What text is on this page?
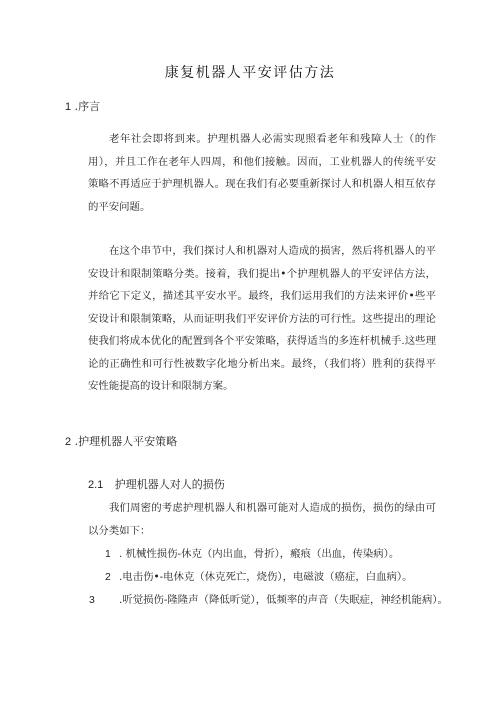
康复机器人平安评估方法
1 .序言

老年社会即将到来。护理机器人必需实现照看老年和残障人士（的作用），并且工作在老年人四周，和他们接触。因而，工业机器人的传统平安策略不再适应于护理机器人。现在我们有必要重新探讨人和机器人相互依存的平安问题。

在这个串节中，我们探讨人和机器对人造成的损害，然后将机器人的平安设计和限制策略分类。接着，我们提出•个护理机器人的平安评估方法，并给它下定义，描述其平安水平。最终，我们运用我们的方法来评价•些平安设计和限制策略，从而证明我们平安评价方法的可行性。这些提出的理论使我们将成本优化的配置到各个平安策略，获得适当的多连杆机械手.这些理论的正确性和可行性被数字化地分析出来。最终，（我们将）胜利的获得平安性能提高的设计和限制方案。

2 .护理机器人平安策略
2.1 护理机器人对人的损伤

我们周密的考虑护理机器人和机器可能对人造成的损伤，损伤的绿由可以分类如下：

1 . 机械性损伤-休克（内出血，骨折），瘢痕（出血，传染病）。

2 .电击伤•-电休克（休克死亡，烧伤），电磁波（癌症，白血病）。

3 .听觉损伤-隆隆声（降低听觉），低频率的声音（失眠症，神经机能病）。
